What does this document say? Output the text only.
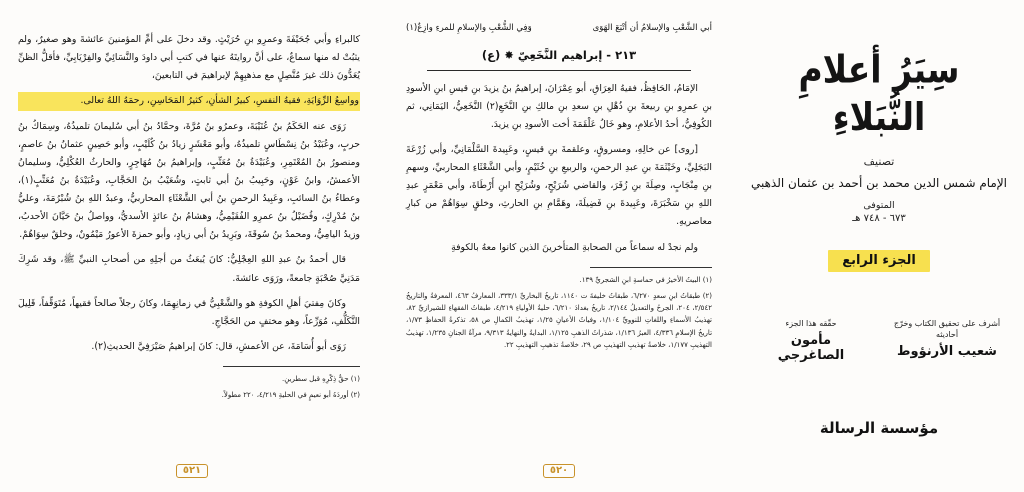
سِيَرُ أعلامِ النُّبَلاءِ
تصنيف
الإمام شمس الدين محمد بن أحمد بن عثمان الذهبي
المتوفى
٦٧٣ - ٧٤٨ هـ
الجزء الرابع
أشرف على تحقيق الكتاب وخرّج أحاديثه
شعيب الأرنؤوط
حقّقه هذا الجزء
مأمون الصاغرجي
مؤسسة الرسالة
أبي الشَّعْبِ والإسلامُ أن أتْبَعَ الهَوَى
وَفِي الشُّعْبِ والإسلامِ للمرءِ وازِعٌ(١)
٢١٣ - إبراهيم النَّخَعِيّ ✸ (ع)

الإمَامُ، الحَافِظُ، فقيهُ العِرَاقِ، أبو عِمْرَانَ، إبراهيمُ بنُ يزيدَ بنِ قيسِ ابنِ الأسودِ بنِ عمرِو بنِ ربيعةَ بنِ ذُهْلِ بنِ سعدِ بنِ مالكِ بنِ النَّخَعِ(٢) النَّخَعِيُّ، اليَمَانِي، ثم الكُوفِيُّ، أحدُ الأعلامِ، وهو خَالُ عَلْقَمَةَ أخت الأسودِ بنِ يزيدَ.

[روى] عن خالِهِ، ومسروقٍ، وعلقمةَ بنِ قيسٍ، وعَبِيدةَ السَّلْمَانِيِّ، وأبي زُرْعَةَ البَجَلِيِّ، وخَيْثَمَةَ بنِ عبدِ الرحمنِ، والربيعِ بنِ خُثَيْمٍ، وأبي الشَّعْثَاءِ المحاربيِّ، وسهمِ بنِ مِنْجَابٍ، وصِلَةَ بنِ زُفَرَ، والقاضي شُرَيْحٍ، وشُرَيْحِ ابنِ أَرْطَاةَ، وأبي مَعْمَرٍ عبدِ اللهِ بنِ سَخْبَرَةَ، وعَبِيدةَ بنِ فَضِيلَةَ، وهَمَّامِ بنِ الحارثِ، وخلقٍ سِوَاهُمْ من كبارِ معاصريهِ.

ولم نجدْ له سماعاً من الصحابةِ المتأخرينَ الذين كانوا معهُ بالكوفةِ

(١) البيتُ الأخيرُ في حماسةِ ابنِ الشجريِّ ١٣٩.

(٢) طبقاتُ ابنِ سعدٍ ٦/٢٧٠، طبقاتُ خليفةَ ت ١١٤٠، تاريخُ البخاريِّ ٣٣٣/١، المعارفُ ٤٦٣، المعرفةُ والتاريخُ ٢/٥٤٢، ٢٠٤، الجرحُ والتعديلُ ٢/١٤٤، تاريخُ بغدادَ ٦/٢١٠، حليةُ الأولياءِ ٤/٢١٩، طبقاتُ الفقهاءِ للشيرازيِّ ٨٢، تهذيبُ الأسماءِ واللغاتِ للنوويِّ ١/١٠٤، وفياتُ الأعيانِ ١/٢٥، تهذيبُ الكمالِ ص ٥٨، تذكرةُ الحفاظِ ١/٧٣، تاريخُ الإسلامِ ٤/٣٣٦، العبرُ ١/١٣٦، شذراتُ الذهبِ ١/١٢٥، البدايةُ والنهايةُ ٩/٣١٣، مرآةُ الجنانِ ١/٢٣٥، تهذيبُ التهذيبِ ١/١٧٧، خلاصةُ تهذيبِ التهذيبِ ص ٢٩، خلاصةُ تذهيبِ التهذيبِ ٢٢.

٥٢٠

كالبراءِ وأبي جُحَيْفَةَ وعمرِو بنِ حُرَيْثٍ. وقد دخلَ على أمِّ المؤمنينَ عائشةَ وهو صغيرٌ، ولم يثبُتْ له منها سماعٌ، على أنَّ روايتَهُ عنها في كتبِ أبي داودَ والنَّسَائِيِّ والفِرْيَابِيِّ، فأقلُّ الظنِّ يُعَدُّونَ ذلك غيرَ مُتَّصِلٍ مع مذهبِهِمْ لإبراهيمَ في التابعينَ،

وواسِعُ الرِّوَايَةِ، فقيهُ النفسِ، كبيرُ الشأنِ، كثيرُ المَحَاسِنِ، رحمَهُ اللهُ تعالى.

رَوَى عنه الحَكَمُ بنُ عُتَيْبَةَ، وعمرُو بنُ مُرَّةَ، وحمَّادُ بنُ أبي سُليمانَ تلميذُهُ، وسِمَاكُ بنُ حربٍ، وعُبَيْدُ بنُ نِسْطَاسٍ تلميذُهُ، وأبو مَعْشَرٍ زيادُ بنُ كُلَيْبٍ، وأبو حَصِينٍ عثمانُ بنُ عاصمٍ، ومنصورُ بنُ المُعْتَمِرِ، وعُبَيْدَةُ بنُ مُعَتِّبٍ، وإبراهيمُ بنُ مُهَاجِرٍ، والحارثُ العُكْلِيُّ، وسليمانُ الأعمشُ، وابنُ عَوْنٍ، وحَبِيبُ بنُ أبي ثابتٍ، وشُعَيْبُ بنُ الحَجَّابِ، وعُبَيْدَةُ بنُ مُعَتِّبٍ(١)، وعطاءُ بنُ السائبِ، وعَبِيدُ الرحمنِ بنُ أبي الشَّعْثَاءِ المحاربيُّ، وعبدُ اللهِ بنُ شُبْرُمَةَ، وعليُّ بنُ مُدْرِكٍ، وفُضَيْلُ بنُ عمرِو الفُقَيْمِيُّ، وهشامُ بنُ عائذٍ الأسديُّ، وواصلُ بنُ حَيَّانَ الأحدبُ، وزيدُ اليامِيُّ، ومحمدُ بنُ سُوقَةَ، وبَرِيدُ بنُ أبي زيادٍ، وأبو حمزةَ الأعورُ مَيْمُونٌ، وخلقٌ سِوَاهُمْ.

قال أحمدُ بنُ عبدِ اللهِ العِجْلِيُّ: كانَ يُبعَثُ من أجلِهِ من أصحابِ النبيِّ ﷺ، وقد شَرِكَ مَدَنِيَّ صُحْبَةٍ جامعةً، ورَوَى عائشةَ.

وكانَ مِفتيَ أهلِ الكوفةِ هو والشَّعْبِيُّ في زمانِهِمَا، وكانَ رجلاً صالحاً فقيهاً، مُتَوَقِّفاً، قَلِيلَ التَّكَلُّفِ، مُوَرِّعاً، وهو مختفٍ من الحَجَّاجِ.

رَوَى أبو أُسَامَةَ، عن الأعمشِ، قال: كانَ إبراهيمُ صَيْرَفِيَّ الحديثِ(٢).

(١) حقُّ ذِكْرِهِ قبل سطرينِ.

(٢) أوردَهُ أبو نعيمٍ في الحليةِ ٤/٢١٩، ٢٢٠ مطولاً.

٥٢١
